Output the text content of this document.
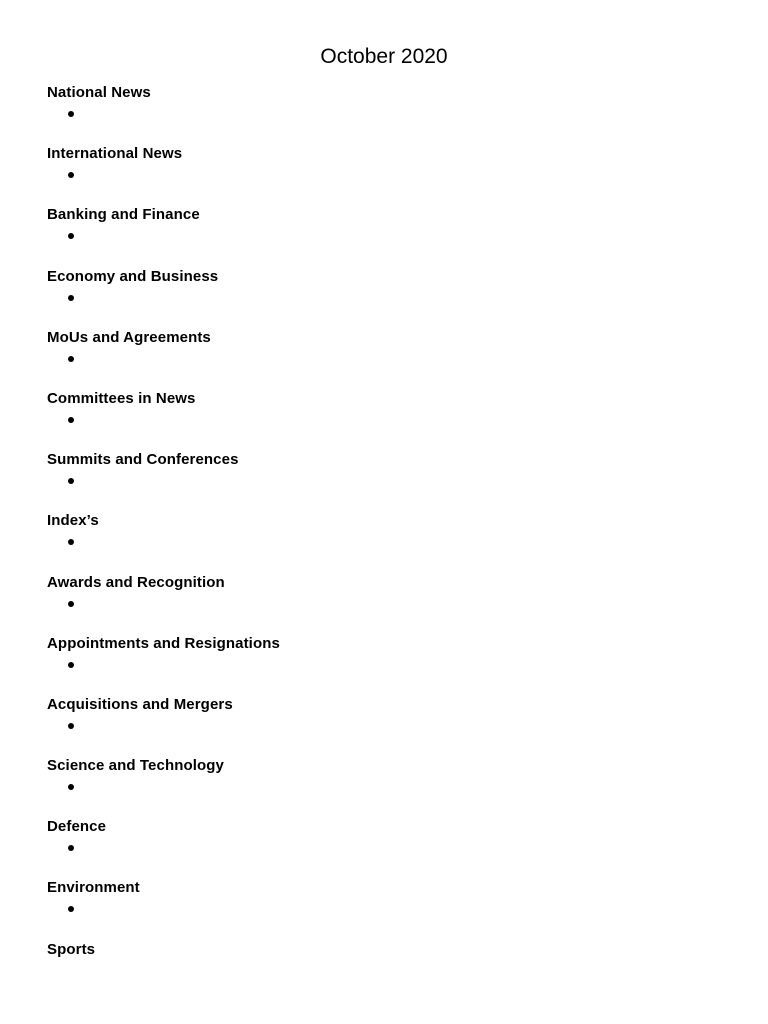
October 2020
National News
International News
Banking and Finance
Economy and Business
MoUs and Agreements
Committees in News
Summits and Conferences
Index’s
Awards and Recognition
Appointments and Resignations
Acquisitions and Mergers
Science and Technology
Defence
Environment
Sports
